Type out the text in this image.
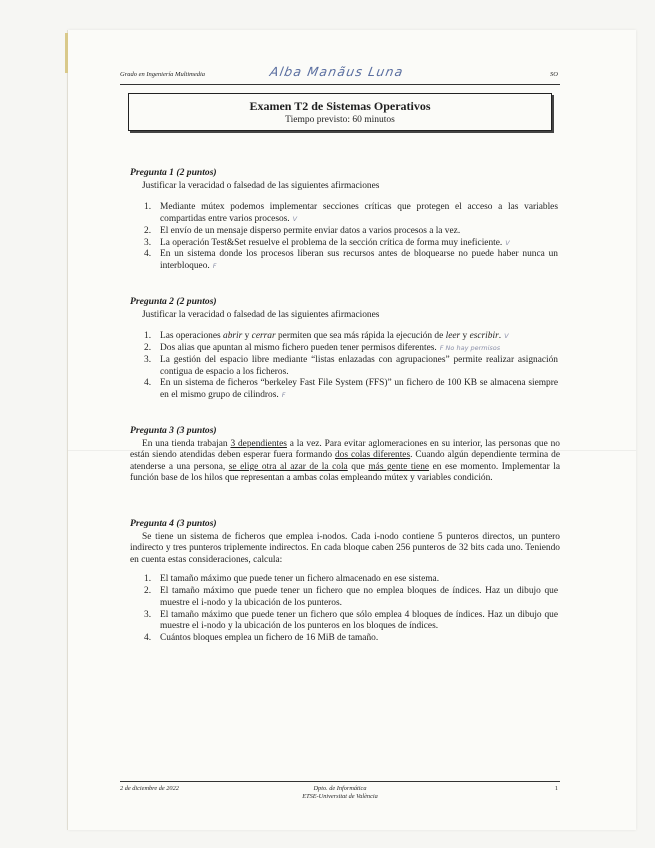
Grado en Ingeniería Multimedia	Alba Manãus Luna	SO
Examen T2 de Sistemas Operativos
Tiempo previsto: 60 minutos
Pregunta 1 (2 puntos)
Justificar la veracidad o falsedad de las siguientes afirmaciones
1. Mediante mútex podemos implementar secciones críticas que protegen el acceso a las variables compartidas entre varios procesos. V
2. El envío de un mensaje disperso permite enviar datos a varios procesos a la vez.
3. La operación Test&Set resuelve el problema de la sección crítica de forma muy ineficiente. V
4. En un sistema donde los procesos liberan sus recursos antes de bloquearse no puede haber nunca un interbloqueo. F
Pregunta 2 (2 puntos)
Justificar la veracidad o falsedad de las siguientes afirmaciones
1. Las operaciones abrir y cerrar permiten que sea más rápida la ejecución de leer y escribir. V
2. Dos alias que apuntan al mismo fichero pueden tener permisos diferentes. F No hay permisos
3. La gestión del espacio libre mediante “listas enlazadas con agrupaciones” permite realizar asignación contigua de espacio a los ficheros.
4. En un sistema de ficheros “berkeley Fast File System (FFS)” un fichero de 100 KB se almacena siempre en el mismo grupo de cilindros. F
Pregunta 3 (3 puntos)
En una tienda trabajan 3 dependientes a la vez. Para evitar aglomeraciones en su interior, las personas que no están siendo atendidas deben esperar fuera formando dos colas diferentes. Cuando algún dependiente termina de atenderse a una persona, se elige otra al azar de la cola que más gente tiene en ese momento. Implementar la función base de los hilos que representan a ambas colas empleando mútex y variables condición.
Pregunta 4 (3 puntos)
Se tiene un sistema de ficheros que emplea i-nodos. Cada i-nodo contiene 5 punteros directos, un puntero indirecto y tres punteros triplemente indirectos. En cada bloque caben 256 punteros de 32 bits cada uno. Teniendo en cuenta estas consideraciones, calcula:
1. El tamaño máximo que puede tener un fichero almacenado en ese sistema.
2. El tamaño máximo que puede tener un fichero que no emplea bloques de índices. Haz un dibujo que muestre el i-nodo y la ubicación de los punteros.
3. El tamaño máximo que puede tener un fichero que sólo emplea 4 bloques de índices. Haz un dibujo que muestre el i-nodo y la ubicación de los punteros en los bloques de índices.
4. Cuántos bloques emplea un fichero de 16 MiB de tamaño.
2 de diciembre de 2022	Dpto. de Informática
ETSE-Universitat de València
1
